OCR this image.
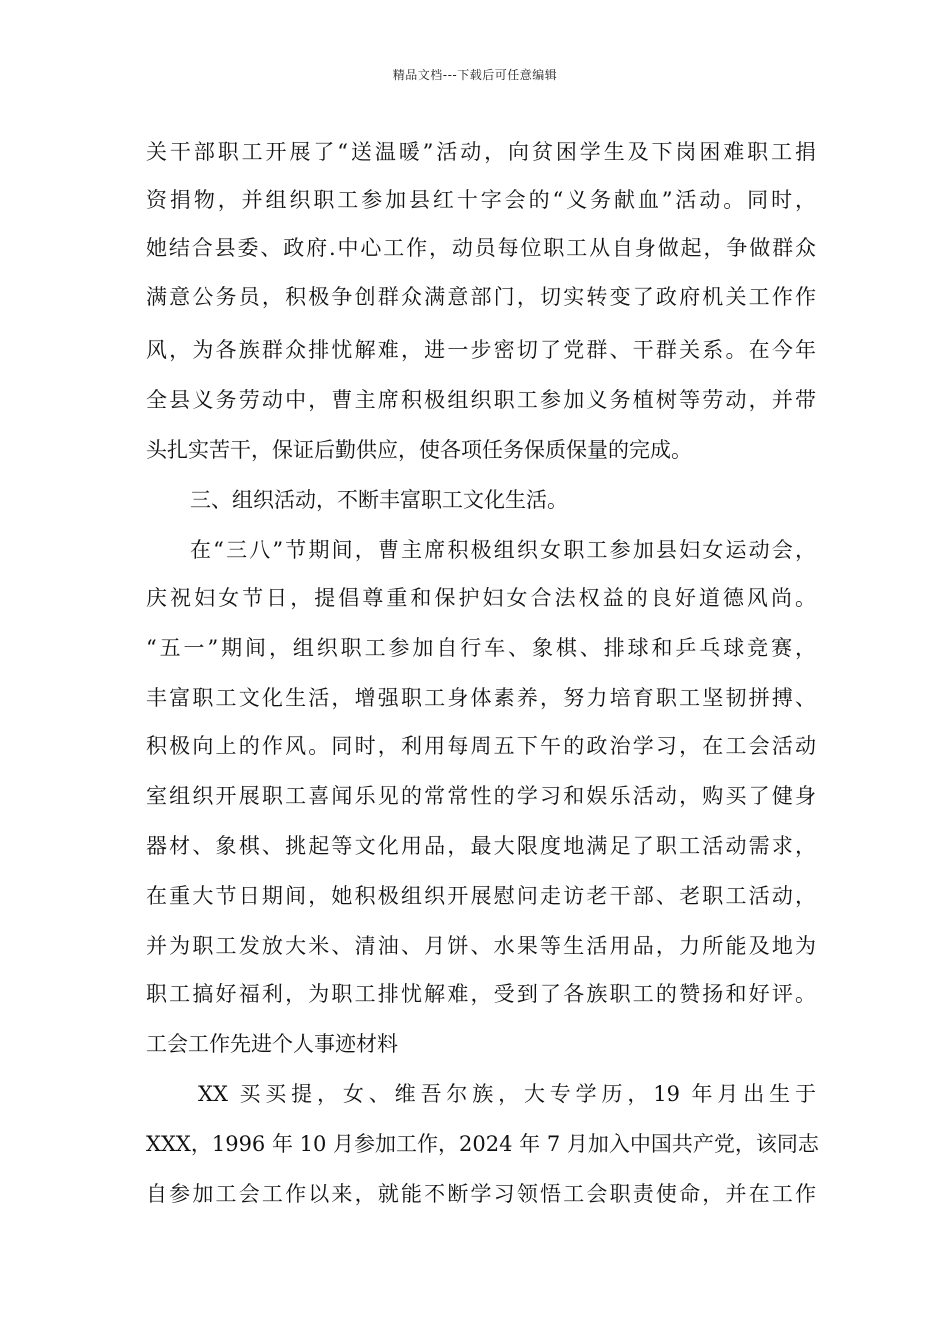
精品文档---下载后可任意编辑
关干部职工开展了“送温暖”活动，向贫困学生及下岗困难职工捐
资捐物，并组织职工参加县红十字会的“义务献血”活动。同时，
她结合县委、政府.中心工作，动员每位职工从自身做起，争做群众
满意公务员，积极争创群众满意部门，切实转变了政府机关工作作
风，为各族群众排忧解难，进一步密切了党群、干群关系。在今年
全县义务劳动中，曹主席积极组织职工参加义务植树等劳动，并带
头扎实苦干，保证后勤供应，使各项任务保质保量的完成。
三、组织活动，不断丰富职工文化生活。
在“三八”节期间，曹主席积极组织女职工参加县妇女运动会，
庆祝妇女节日，提倡尊重和保护妇女合法权益的良好道德风尚。
“五一”期间，组织职工参加自行车、象棋、排球和乒乓球竞赛，
丰富职工文化生活，增强职工身体素养，努力培育职工坚韧拼搏、
积极向上的作风。同时，利用每周五下午的政治学习，在工会活动
室组织开展职工喜闻乐见的常常性的学习和娱乐活动，购买了健身
器材、象棋、挑起等文化用品，最大限度地满足了职工活动需求，
在重大节日期间，她积极组织开展慰问走访老干部、老职工活动，
并为职工发放大米、清油、月饼、水果等生活用品，力所能及地为
职工搞好福利，为职工排忧解难，受到了各族职工的赞扬和好评。
工会工作先进个人事迹材料
XX 买买提，女、维吾尔族，大专学历，19 年月出生于
XXX，1996 年 10 月参加工作，2024 年 7 月加入中国共产党，该同志
自参加工会工作以来，就能不断学习领悟工会职责使命，并在工作
